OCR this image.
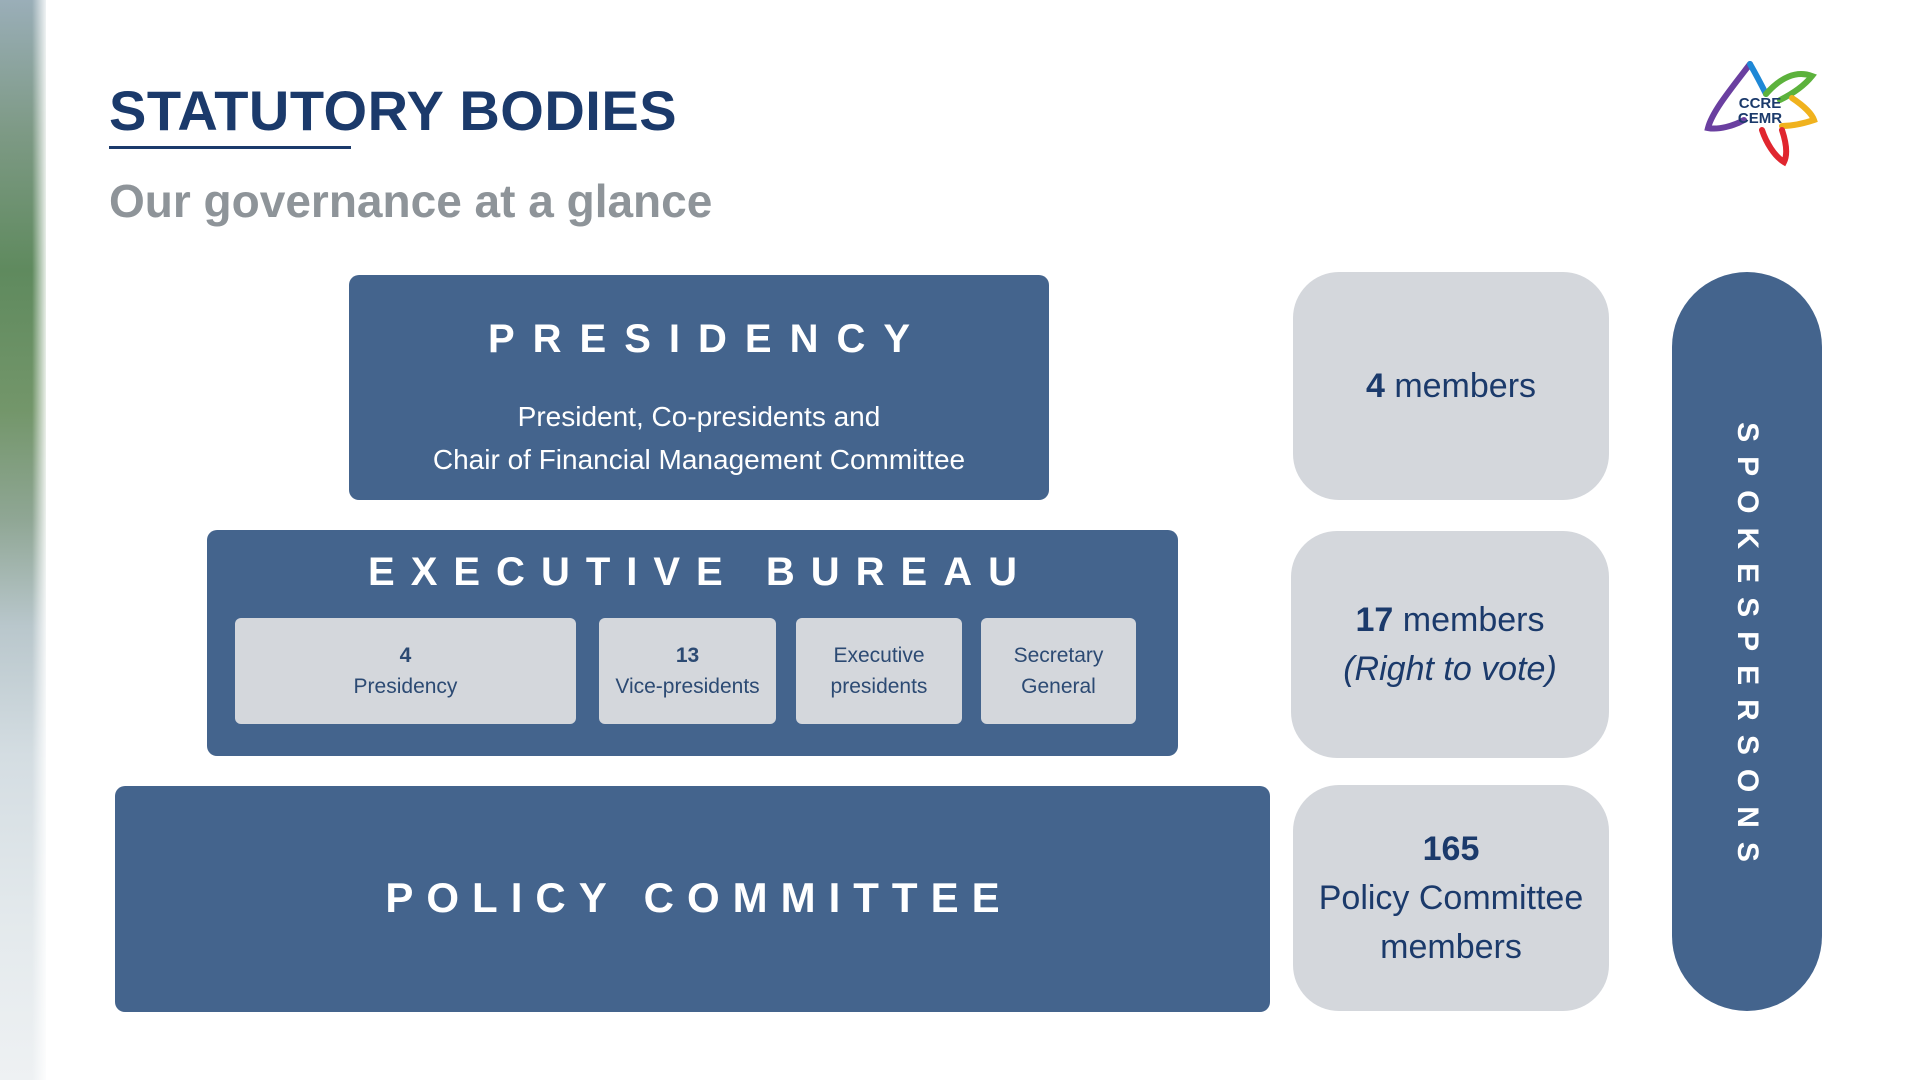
STATUTORY BODIES
Our governance at a glance
CCRE
CEMR
PRESIDENCY
President, Co-presidents and
Chair of Financial Management Committee
EXECUTIVE BUREAU
4
Presidency
13
Vice-presidents
Executive
presidents
Secretary
General
POLICY COMMITTEE
4 members
17 members
(Right to vote)
165
Policy Committee
members
SPOKESPERSONS
